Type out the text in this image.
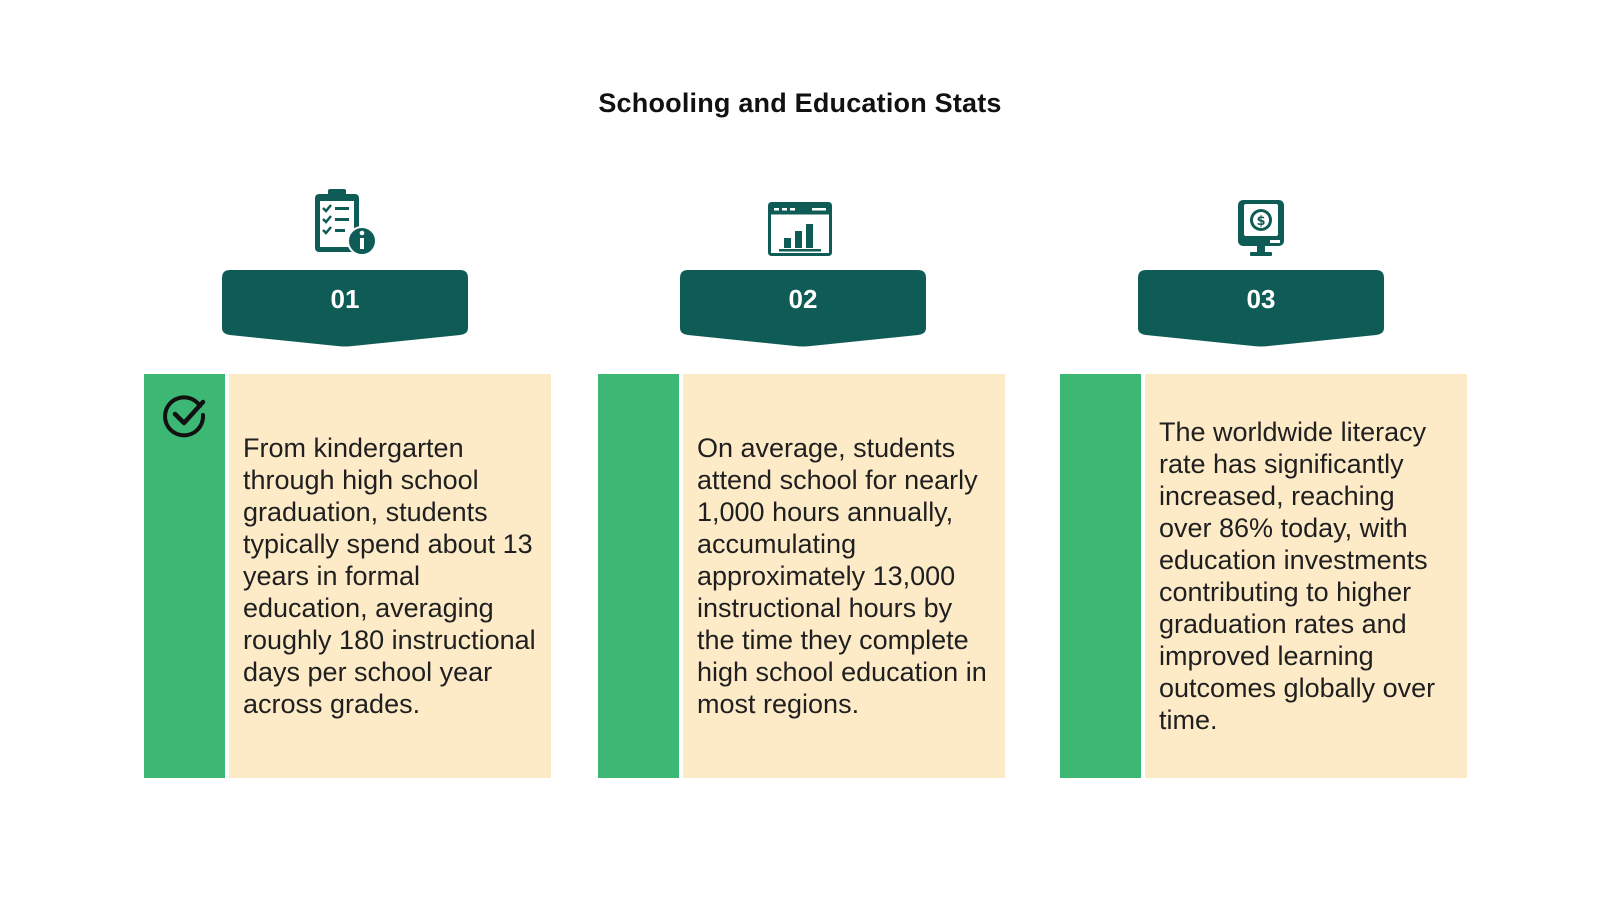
Schooling and Education Stats
01
From kindergarten through high school graduation, students typically spend about 13 years in formal education, averaging roughly 180 instructional days per school year across grades.
02
On average, students attend school for nearly 1,000 hours annually, accumulating approximately 13,000 instructional hours by the time they complete high school education in most regions.
$
03
The worldwide literacy rate has significantly increased, reaching over 86% today, with education investments contributing to higher graduation rates and improved learning outcomes globally over time.
